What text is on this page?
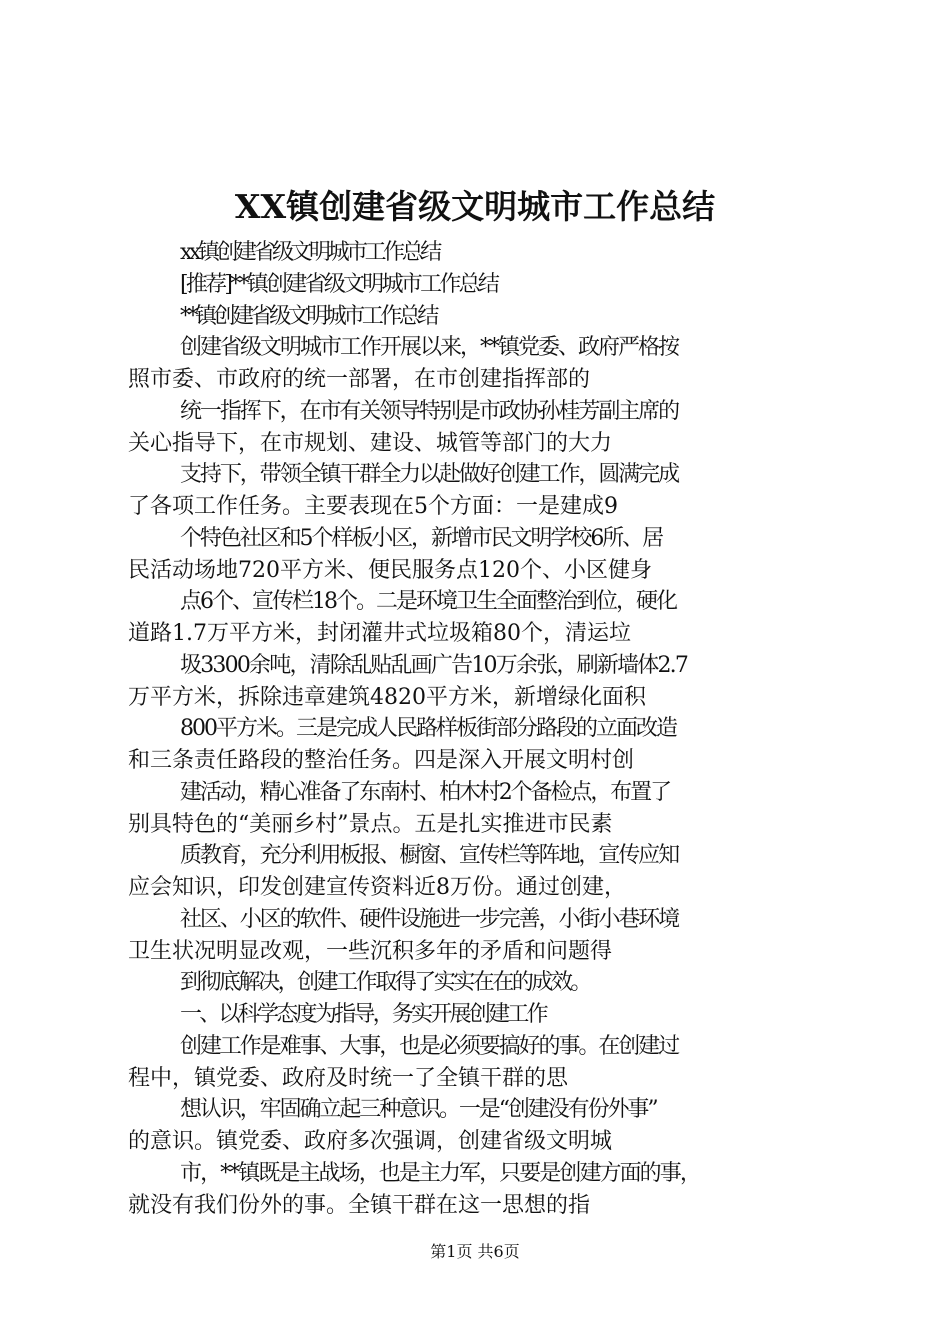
XX镇创建省级文明城市工作总结
xx镇创建省级文明城市工作总结
[推荐]**镇创建省级文明城市工作总结
**镇创建省级文明城市工作总结
创建省级文明城市工作开展以来，**镇党委、政府严格按
照市委、市政府的统一部署，在市创建指挥部的
统一指挥下，在市有关领导特别是市政协孙桂芳副主席的
关心指导下，在市规划、建设、城管等部门的大力
支持下，带领全镇干群全力以赴做好创建工作，圆满完成
了各项工作任务。主要表现在5个方面：一是建成9
个特色社区和5个样板小区，新增市民文明学校6所、居
民活动场地720平方米、便民服务点120个、小区健身
点6个、宣传栏18个。二是环境卫生全面整治到位，硬化
道路1.7万平方米，封闭灌井式垃圾箱80个，清运垃
圾3300余吨，清除乱贴乱画广告10万余张，刷新墙体2.7
万平方米，拆除违章建筑4820平方米，新增绿化面积
800平方米。三是完成人民路样板街部分路段的立面改造
和三条责任路段的整治任务。四是深入开展文明村创
建活动，精心准备了东南村、柏木村2个备检点，布置了
别具特色的“美丽乡村”景点。五是扎实推进市民素
质教育，充分利用板报、橱窗、宣传栏等阵地，宣传应知
应会知识，印发创建宣传资料近8万份。通过创建，
社区、小区的软件、硬件设施进一步完善，小街小巷环境
卫生状况明显改观，一些沉积多年的矛盾和问题得
到彻底解决，创建工作取得了实实在在的成效。
一、以科学态度为指导，务实开展创建工作
创建工作是难事、大事，也是必须要搞好的事。在创建过
程中，镇党委、政府及时统一了全镇干群的思
想认识，牢固确立起三种意识。一是“创建没有份外事”
的意识。镇党委、政府多次强调，创建省级文明城
市，**镇既是主战场，也是主力军，只要是创建方面的事，
就没有我们份外的事。全镇干群在这一思想的指
第1页 共6页
